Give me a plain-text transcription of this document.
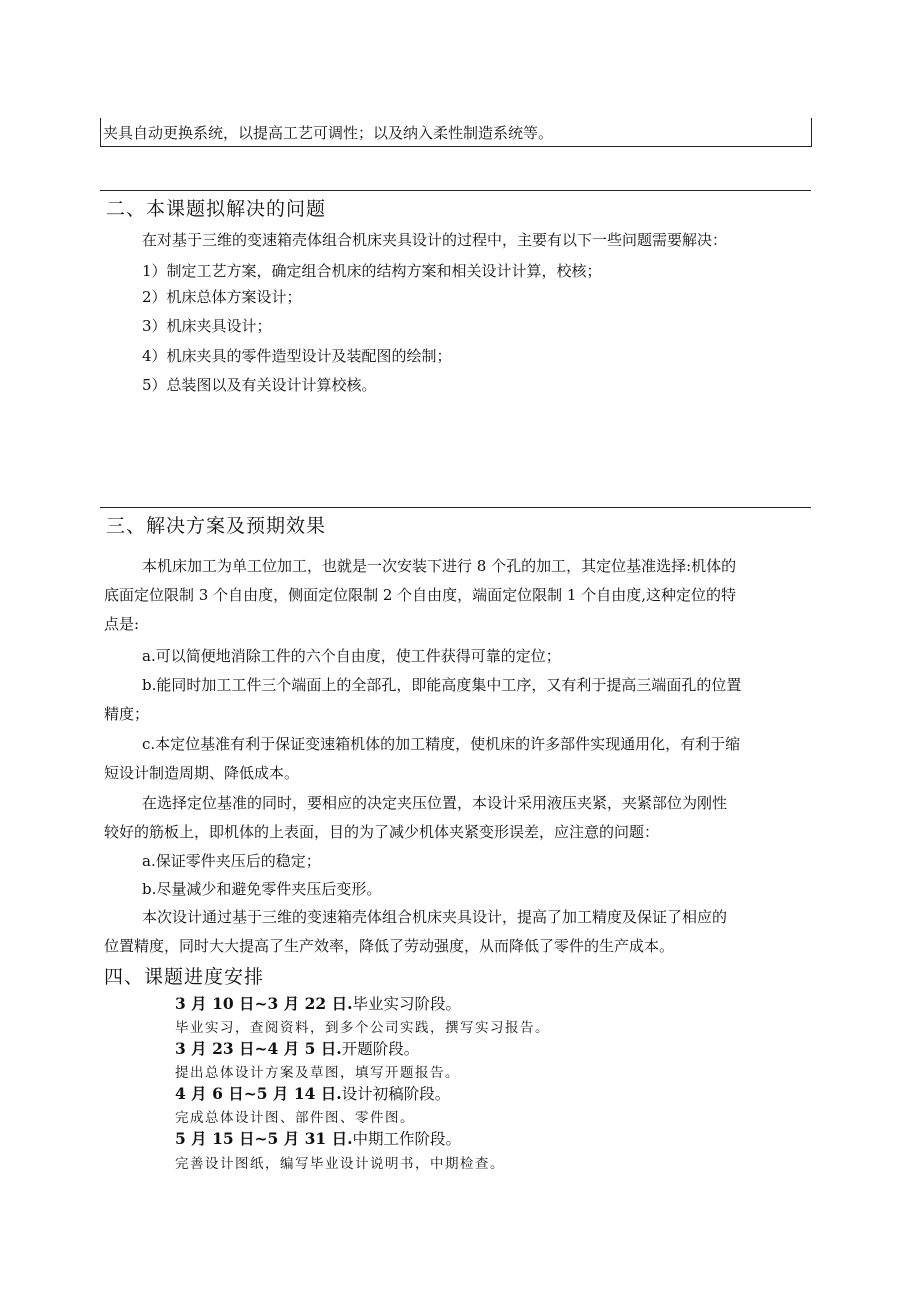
夹具自动更换系统，以提高工艺可调性；以及纳入柔性制造系统等。
二、本课题拟解决的问题
在对基于三维的变速箱壳体组合机床夹具设计的过程中，主要有以下一些问题需要解决：
1）制定工艺方案，确定组合机床的结构方案和相关设计计算，校核；
2）机床总体方案设计；
3）机床夹具设计；
4）机床夹具的零件造型设计及装配图的绘制；
5）总装图以及有关设计计算校核。
三、解决方案及预期效果
本机床加工为单工位加工，也就是一次安装下进行 8 个孔的加工，其定位基准选择:机体的
底面定位限制 3 个自由度，侧面定位限制 2 个自由度，端面定位限制 1 个自由度,这种定位的特
点是:
a.可以简便地消除工件的六个自由度，使工件获得可靠的定位；
b.能同时加工工件三个端面上的全部孔，即能高度集中工序，又有利于提高三端面孔的位置
精度；
c.本定位基准有利于保证变速箱机体的加工精度，使机床的许多部件实现通用化，有利于缩
短设计制造周期、降低成本。
在选择定位基准的同时，要相应的决定夹压位置，本设计采用液压夹紧，夹紧部位为刚性
较好的筋板上，即机体的上表面，目的为了减少机体夹紧变形误差，应注意的问题：
a.保证零件夹压后的稳定；
b.尽量减少和避免零件夹压后变形。
本次设计通过基于三维的变速箱壳体组合机床夹具设计，提高了加工精度及保证了相应的
位置精度，同时大大提高了生产效率，降低了劳动强度，从而降低了零件的生产成本。
四、课题进度安排
3 月 10 日~3 月 22 日.毕业实习阶段。
毕业实习，查阅资料，到多个公司实践，撰写实习报告。
3 月 23 日~4 月 5 日.开题阶段。
提出总体设计方案及草图，填写开题报告。
4 月 6 日~5 月 14 日.设计初稿阶段。
完成总体设计图、部件图、零件图。
5 月 15 日~5 月 31 日.中期工作阶段。
完善设计图纸，编写毕业设计说明书，中期检查。
